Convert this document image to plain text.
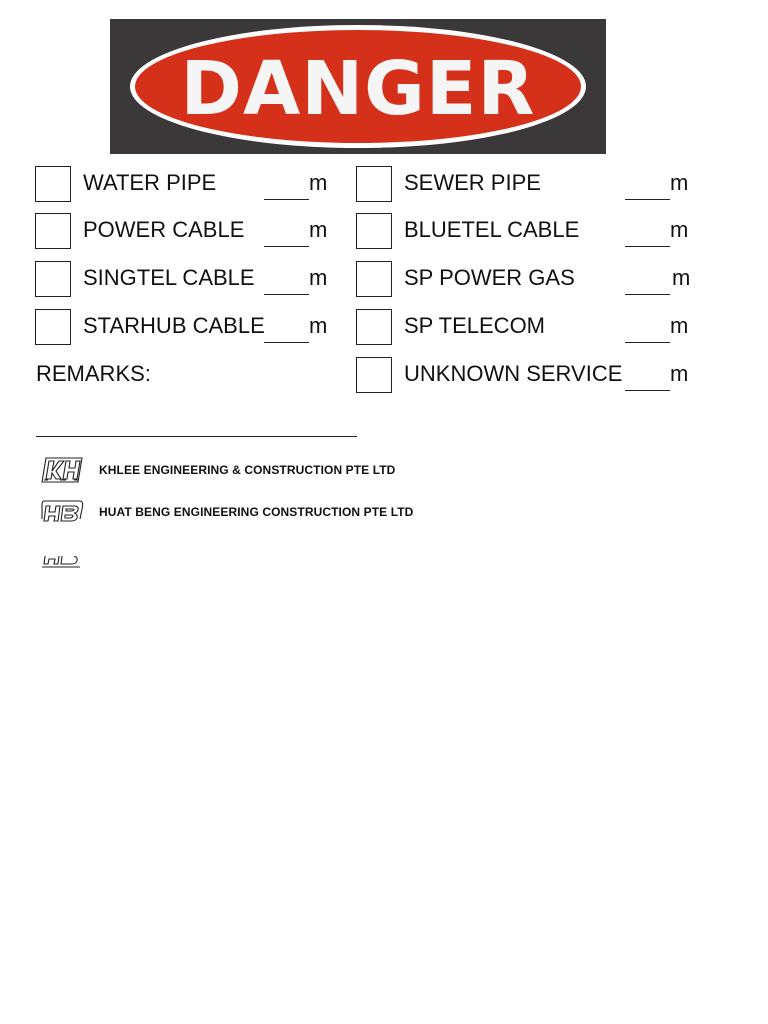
DANGER
WATER PIPE	m
POWER CABLE	m
SINGTEL CABLE m
STARHUB CABLE m
SEWER PIPE	m
BLUETEL CABLE	m
SP POWER GAS	m
SP TELECOM	m
UNKNOWN SERVICE m
REMARKS:
KHLEE ENGINEERING & CONSTRUCTION PTE LTD
HUAT BENG ENGINEERING CONSTRUCTION PTE LTD
